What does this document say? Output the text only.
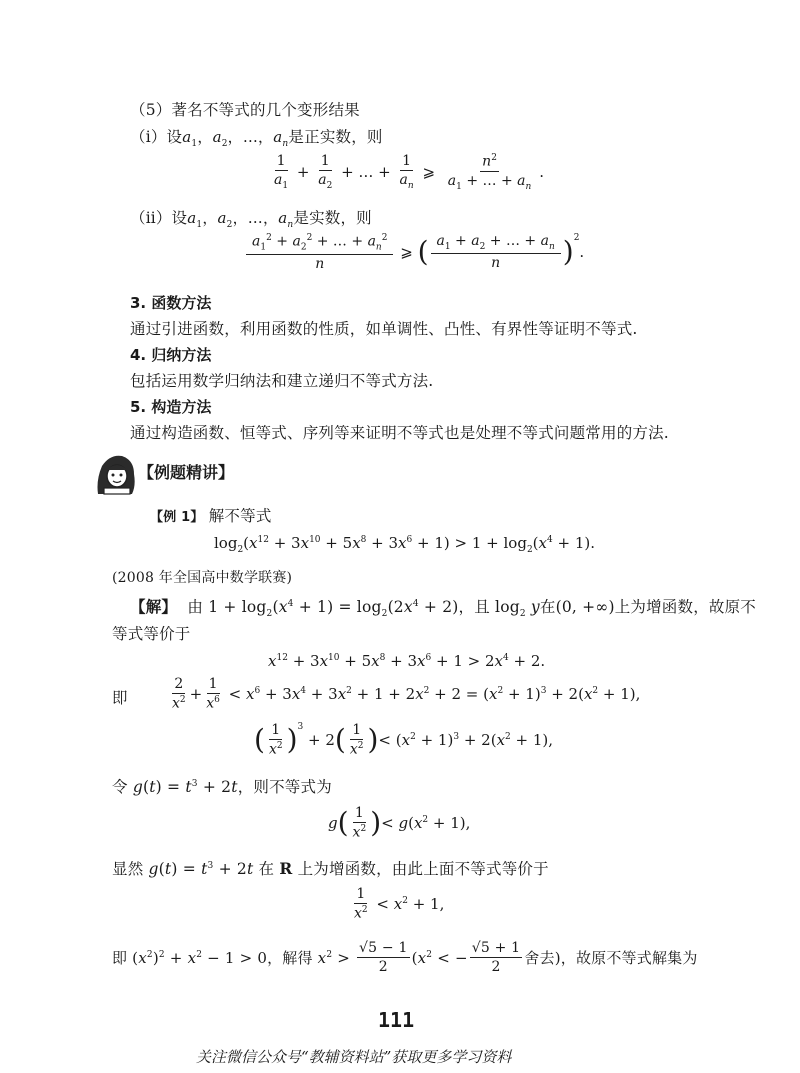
（5）著名不等式的几个变形结果
（ⅰ）设$a_1$，$a_2$，…，$a_n$是正实数，则
$\frac{1}{a_1} + \frac{1}{a_2}$ + … + $\frac{1}{a_n}$ ⩾ $\frac{n^2}{a_1 + \dots + a_n}$ .
（ⅱ）设$a_1$，$a_2$，…，$a_n$是实数，则
$\frac{a_1^2 + a_2^2 + \dots + a_n^2}{n}$ ⩾ ( $\frac{a_1 + a_2 + \dots + a_n}{n} )^2$
.
3. 函数方法
通过引进函数，利用函数的性质，如单调性、凸性、有界性等证明不等式.
4. 归纳方法
包括运用数学归纳法和建立递归不等式方法.
5. 构造方法
通过构造函数、恒等式、序列等来证明不等式也是处理不等式问题常用的方法.
【例题精讲】
【例 1】 解不等式
$\log_2(x^{12} + 3x^{10} + 5x^8 + 3x^6 + 1) > 1 + \log_2(x^4 + 1)$.
(2008 年全国高中数学联赛)
【解】 由 $1 + \log_2(x^4 + 1) = \log_2(2x^4 + 2)$，且 $\log_2 y$在(0, +∞)上为增函数，故原不
等式等价于
$x^{12} + 3x^{10} + 5x^8 + 3x^6 + 1 > 2x^4 + 2$.
即	$\frac{2}{x^2} + \frac{1}{x^6} < x^6 + 3x^4 + 3x^2 + 1 + 2x^2 + 2 = (x^2 + 1)^3 + 2(x^2 + 1)$,
( $\frac{1}{x^2} )^3$
+ 2 ( $\frac{1}{x^2}$ ) < $(x^2 + 1)^3 + 2(x^2 + 1)$,
令 $g(t) = t^3 + 2t$，则不等式为
g ( $\frac{1}{x^2}$ ) < $g(x^2 + 1)$,
显然 $g(t) = t^3 + 2t$ 在 R 上为增函数，由此上面不等式等价于
$\frac{1}{x^2} < x^2 + 1$,
即 $(x^2)^2 + x^2 - 1 > 0$ ，解得 $x^2 > \frac{√5 - 1}{2} (x^2$ < − $\frac{√5 + 1}{2}$ 舍去)，故原不等式解集为
111
关注微信公众号“教辅资料站”获取更多学习资料
